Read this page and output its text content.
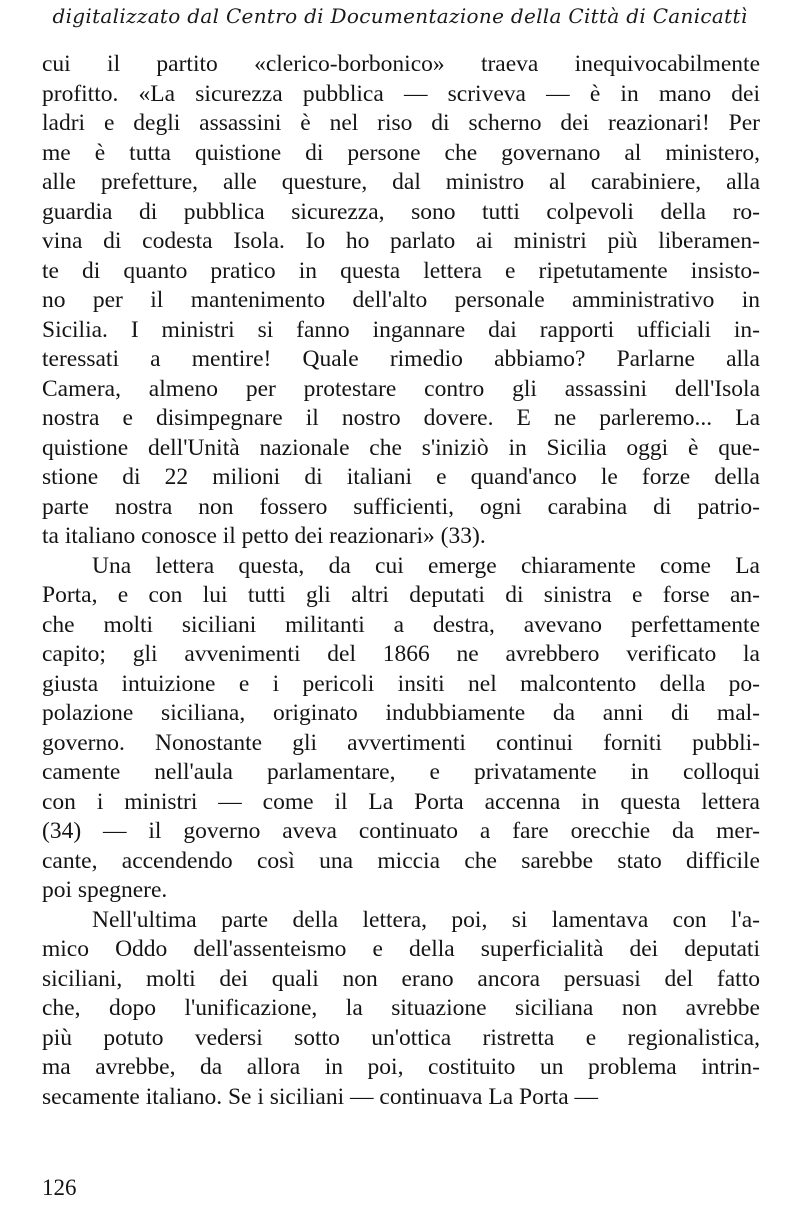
digitalizzato dal Centro di Documentazione della Città di Canicattì
cui il partito «clerico-borbonico» traeva inequivocabilmente
profitto. «La sicurezza pubblica — scriveva — è in mano dei
ladri e degli assassini è nel riso di scherno dei reazionari! Per
me è tutta quistione di persone che governano al ministero,
alle prefetture, alle questure, dal ministro al carabiniere, alla
guardia di pubblica sicurezza, sono tutti colpevoli della ro-
vina di codesta Isola. Io ho parlato ai ministri più liberamen-
te di quanto pratico in questa lettera e ripetutamente insisto-
no per il mantenimento dell'alto personale amministrativo in
Sicilia. I ministri si fanno ingannare dai rapporti ufficiali in-
teressati a mentire! Quale rimedio abbiamo? Parlarne alla
Camera, almeno per protestare contro gli assassini dell'Isola
nostra e disimpegnare il nostro dovere. E ne parleremo... La
quistione dell'Unità nazionale che s'iniziò in Sicilia oggi è que-
stione di 22 milioni di italiani e quand'anco le forze della
parte nostra non fossero sufficienti, ogni carabina di patrio-
ta italiano conosce il petto dei reazionari» (33).
Una lettera questa, da cui emerge chiaramente come La
Porta, e con lui tutti gli altri deputati di sinistra e forse an-
che molti siciliani militanti a destra, avevano perfettamente
capito; gli avvenimenti del 1866 ne avrebbero verificato la
giusta intuizione e i pericoli insiti nel malcontento della po-
polazione siciliana, originato indubbiamente da anni di mal-
governo. Nonostante gli avvertimenti continui forniti pubbli-
camente nell'aula parlamentare, e privatamente in colloqui
con i ministri — come il La Porta accenna in questa lettera
(34) — il governo aveva continuato a fare orecchie da mer-
cante, accendendo così una miccia che sarebbe stato difficile
poi spegnere.
Nell'ultima parte della lettera, poi, si lamentava con l'a-
mico Oddo dell'assenteismo e della superficialità dei deputati
siciliani, molti dei quali non erano ancora persuasi del fatto
che, dopo l'unificazione, la situazione siciliana non avrebbe
più potuto vedersi sotto un'ottica ristretta e regionalistica,
ma avrebbe, da allora in poi, costituito un problema intrin-
secamente italiano. Se i siciliani — continuava La Porta —
126
